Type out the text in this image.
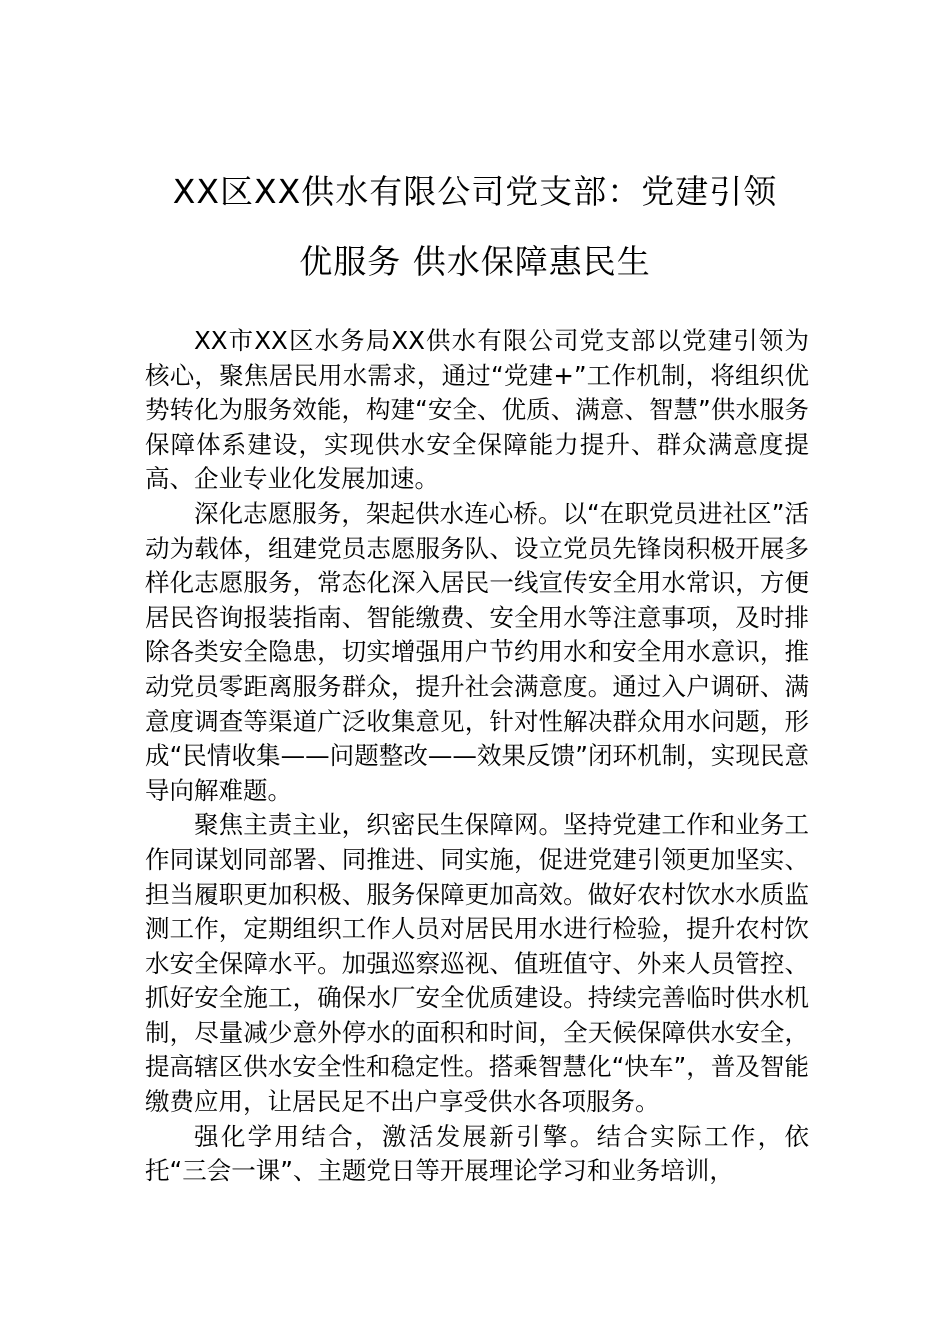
XX区XX供水有限公司党支部：党建引领
优服务 供水保障惠民生

XX市XX区水务局XX供水有限公司党支部以党建引领为核心，聚焦居民用水需求，通过“党建+”工作机制，将组织优势转化为服务效能，构建“安全、优质、满意、智慧”供水服务保障体系建设，实现供水安全保障能力提升、群众满意度提高、企业专业化发展加速。

深化志愿服务，架起供水连心桥。以“在职党员进社区”活动为载体，组建党员志愿服务队、设立党员先锋岗积极开展多样化志愿服务，常态化深入居民一线宣传安全用水常识，方便居民咨询报装指南、智能缴费、安全用水等注意事项，及时排除各类安全隐患，切实增强用户节约用水和安全用水意识，推动党员零距离服务群众，提升社会满意度。通过入户调研、满意度调查等渠道广泛收集意见，针对性解决群众用水问题，形成“民情收集——问题整改——效果反馈”闭环机制，实现民意导向解难题。

聚焦主责主业，织密民生保障网。坚持党建工作和业务工作同谋划同部署、同推进、同实施，促进党建引领更加坚实、担当履职更加积极、服务保障更加高效。做好农村饮水水质监测工作，定期组织工作人员对居民用水进行检验，提升农村饮水安全保障水平。加强巡察巡视、值班值守、外来人员管控、抓好安全施工，确保水厂安全优质建设。持续完善临时供水机制，尽量减少意外停水的面积和时间，全天候保障供水安全，提高辖区供水安全性和稳定性。搭乘智慧化“快车”，普及智能缴费应用，让居民足不出户享受供水各项服务。

强化学用结合，激活发展新引擎。结合实际工作，依托“三会一课”、主题党日等开展理论学习和业务培训，
